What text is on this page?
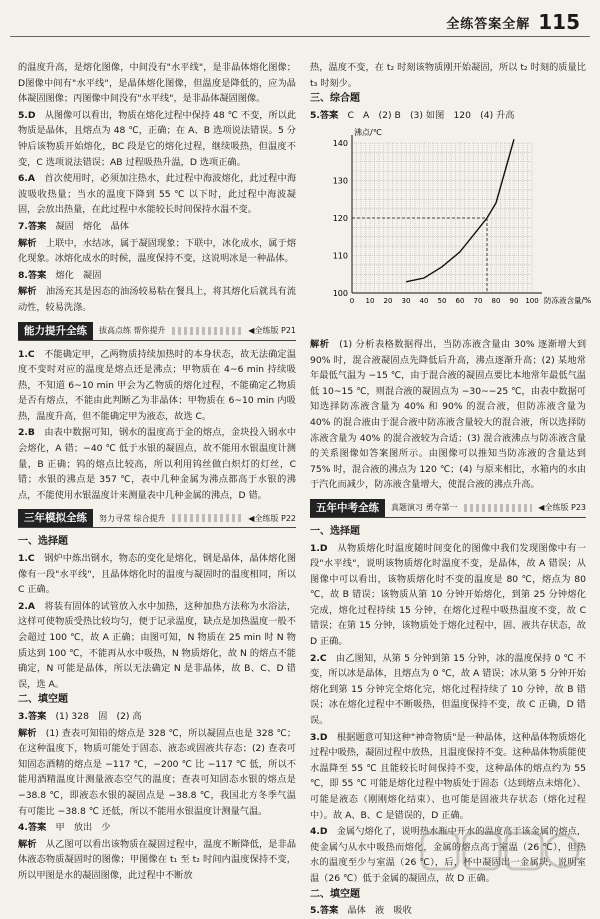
全练答案全解 115

的温度升高，是熔化图像，中间没有"水平线"，是非晶体熔化图像；D图像中间有"水平线"，是晶体熔化图像，但温度是降低的，应为晶体凝固图像；丙图像中间没有"水平线"，是非晶体凝固图像。

5.D　 从图像可以看出，物质在熔化过程中保持 48 ℃ 不变，所以此物质是晶体，且熔点为 48 ℃，正确；在 A、B 选项说法错误。5 分钟后该物质开始熔化，BC 段是它的熔化过程，继续吸热，但温度不变，C 选项说法错误；AB 过程吸热升温，D 选项正确。

6.A　 首次使用时，必须加注热水，此过程中海波熔化，此过程中海波吸收热量；当水的温度下降到 55 ℃ 以下时，此过程中海波凝固，会放出热量，在此过程中水能较长时间保持水温不变。

7.答案　 凝固　熔化　晶体

解析　 上联中，水结冰，属于凝固现象；下联中，冰化成水，属于熔化现象。冰熔化成水的时候，温度保持不变，这说明冰是一种晶体。

8.答案　 熔化　凝固

解析　 油汤充其是因态的油汤较易粘在餐具上，将其熔化后就具有流动性，较易洗涤。

能力提升全练	拔高点练 帮你提升	◀全练版 P21

1.C　 不能确定甲，乙两物质持续加热时的本身状态，故无法确定温度不变时对应的温度是熔点还是沸点；甲物质在 4~6 min 持续吸热，不知道 6~10 min 甲会为乙物质的熔化过程，不能确定乙物质是否有熔点，不能由此判断乙为非晶体；甲物质在 6~10 min 内吸热，温度升高，但不能确定甲为液态，故选 C。

2.B　 由表中数据可知，钢水的温度高于金的熔点，金块投入钢水中会熔化，A 错；−40 ℃ 低于水银的凝固点，故不能用水银温度计测量，B 正确；钨的熔点比较高，所以利用钨丝做白炽灯的灯丝，C 错；水银的沸点是 357 ℃，表中几种金属为沸点都高于水银的沸点，不能使用水银温度计来测量表中几种金属的沸点，D 错。

三年模拟全练	努力寻常 综合提升	◀全练版 P22

一、选择题

1.C　 钢炉中炼出钢水，物态的变化是熔化，钢是晶体，晶体熔化图像有一段"水平线"，且晶体熔化时的温度与凝固时的温度相同，所以 C 正确。

2.A　 将装有固体的试管放入水中加热，这种加热方法称为水浴法，这样可使物质受热比较均匀，便于记录温度，缺点是加热温度一般不会超过 100 ℃，故 A 正确；由图可知，N 物质在 25 min 时 N 物质达到 100 ℃，不能再从水中吸热，N 物质熔化，故 N 的熔点不能确定，N 可能是晶体，所以无法确定 N 是非晶体，故 B、C、D 错误，选 A。

二、填空题

3.答案　 (1) 328　固　(2) 高

解析　 (1) 查表可知铅的熔点是 328 ℃，所以凝固点也是 328 ℃；在这种温度下，物质可能处于固态、液态或固液共存态；(2) 查表可知固态酒精的熔点是 −117 ℃，−200 ℃ 比 −117 ℃ 低，所以不能用酒精温度计测量液态空气的温度；查表可知固态水银的熔点是 −38.8 ℃，即液态水银的凝固点是 −38.8 ℃，我国北方冬季气温有可能比 −38.8 ℃ 还低，所以不能用水银温度计测量气温。

4.答案　 甲　放出　少

解析　 从乙图可以看出该物质在凝固过程中，温度不断降低，是非晶体液态物质凝固时的图像；甲图像在 t₁ 至 t₂ 时间内温度保持不变，所以甲图是水的凝固图像，此过程中不断放

热，温度不变，在 t₂ 时刻该物质刚开始凝固，所以 t₂ 时刻的质量比 t₃ 时刻少。

三、综合题

5.答案　 C　A　(2) B　(3) 如图　120　(4) 升高

100
110
120
130
140
0 10 20 30 40 50 60 70 80 90 100
沸点/℃
防冻液含量/%

解析　 (1) 分析表格数据得出，当防冻液含量由 30% 逐渐增大到 90% 时，混合液凝固点先降低后升高，沸点逐渐升高；(2) 某地常年最低气温为 −15 ℃，由于混合液的凝固点要比本地常年最低气温低 10~15 ℃，则混合液的凝固点为 −30~−25 ℃，由表中数据可知选择防冻液含量为 40% 和 90% 的混合液，但防冻液含量为 40% 的混合液由于混合液中防冻液含量较大的混合液，所以选择防冻液含量为 40% 的混合液较为合适；(3) 混合液沸点与防冻液含量的关系图像如答案图所示。由图像可以推知当防冻液的含量达到 75% 时，混合液的沸点为 120 ℃；(4) 与原来相比，水箱内的水由于汽化而减少，防冻液含量增大，使混合液的沸点升高。

五年中考全练	真题演习 勇夺第一	◀全练版 P23

一、选择题

1.D　 从物质熔化时温度随时间变化的图像中我们发现图像中有一段"水平线"，说明该物质熔化时温度不变，是晶体，故 A 错误；从图像中可以看出，该物质熔化时不变的温度是 80 ℃，熔点为 80 ℃，故 B 错误；该物质从第 10 分钟开始熔化，到第 25 分钟熔化完成，熔化过程持续 15 分钟，在熔化过程中吸热温度不变，故 C 错误；在第 15 分钟，该物质处于熔化过程中，固、液共存状态，故 D 正确。

2.C　 由乙图知，从第 5 分钟到第 15 分钟，冰的温度保持 0 ℃ 不变，所以冰是晶体，且熔点为 0 ℃，故 A 错误；冰从第 5 分钟开始熔化到第 15 分钟完全熔化完，熔化过程持续了 10 分钟，故 B 错误；冰在熔化过程中不断吸热，但温度保持不变，故 C 正确，D 错误。

3.D　 根据题意可知这种"神奇物质"是一种晶体，这种晶体物质熔化过程中吸热，凝固过程中放热，且温度保持不变。这种晶体物质能使水温降至 55 ℃ 且能较长时间保持不变，这种晶体的熔点约为 55 ℃，即 55 ℃ 可能是熔化过程中物质处于固态（达到熔点未熔化）、可能是液态（刚刚熔化结束）、也可能是固液共存状态（熔化过程中）。故 A、B、C 是错误的，D 正确。

4.D　 金属勺熔化了，说明热水瓶中开水的温度高于该金属的熔点，使金属勺从水中吸热而熔化，金属的熔点高于室温（26 ℃），但热水的温度至少与室温（26 ℃），后，杯中凝固出一金属块，说明室温（26 ℃）低于金属的凝固点，故 D 正确。

二、填空题

5.答案　 晶体　液　吸收
